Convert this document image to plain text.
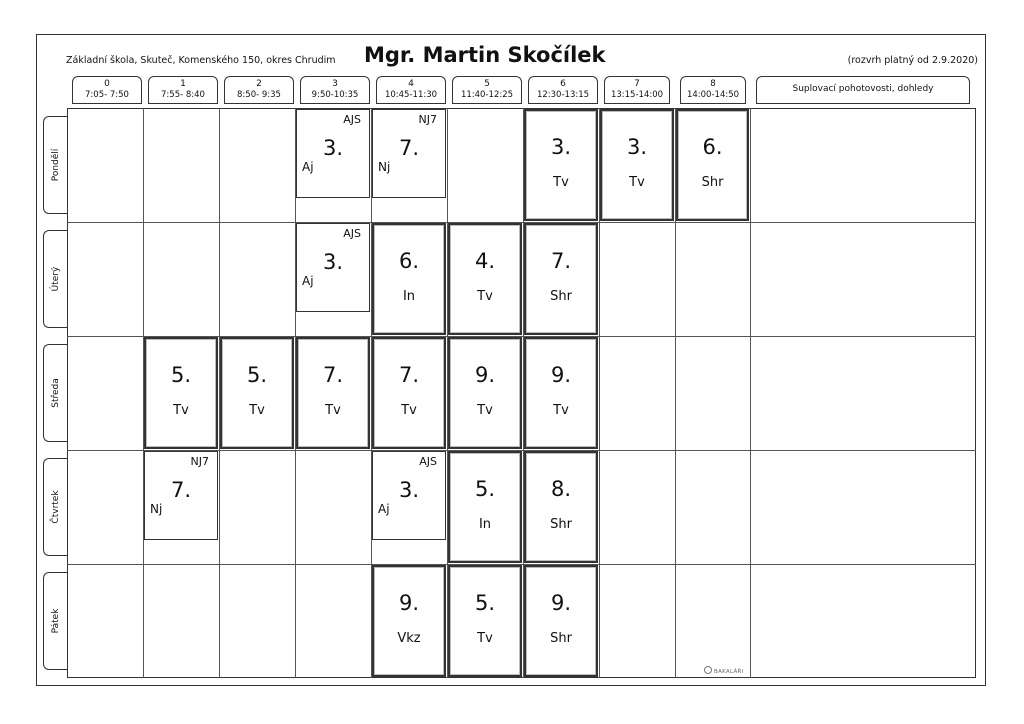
Základní škola, Skuteč, Komenského 150, okres Chrudim Mgr. Martin Skočílek	(rozvrh platný od 2.9.2020)
0
7:05- 7:50
1
7:55- 8:40
2
8:50- 9:35
3
9:50-10:35
4
10:45-11:30
5
11:40-12:25
6
12:30-13:15
7
13:15-14:00
8
14:00-14:50
Suplovací pohotovosti, dohledy
Pondělí
Úterý
Středa
Čtvrtek
Pátek
AJS
3.
Aj
NJ7
7.
Nj
3.
Tv
3.
Tv
6.
Shr
AJS
3.
Aj
6.
In
4.
Tv
7.
Shr
5.
Tv
5.
Tv
7.
Tv
7.
Tv
9.
Tv
9.
Tv
NJ7
7.
Nj
AJS
3.
Aj
5.
In
8.
Shr
9.
Vkz
5.
Tv
9.
Shr
BAKALÁŘI
